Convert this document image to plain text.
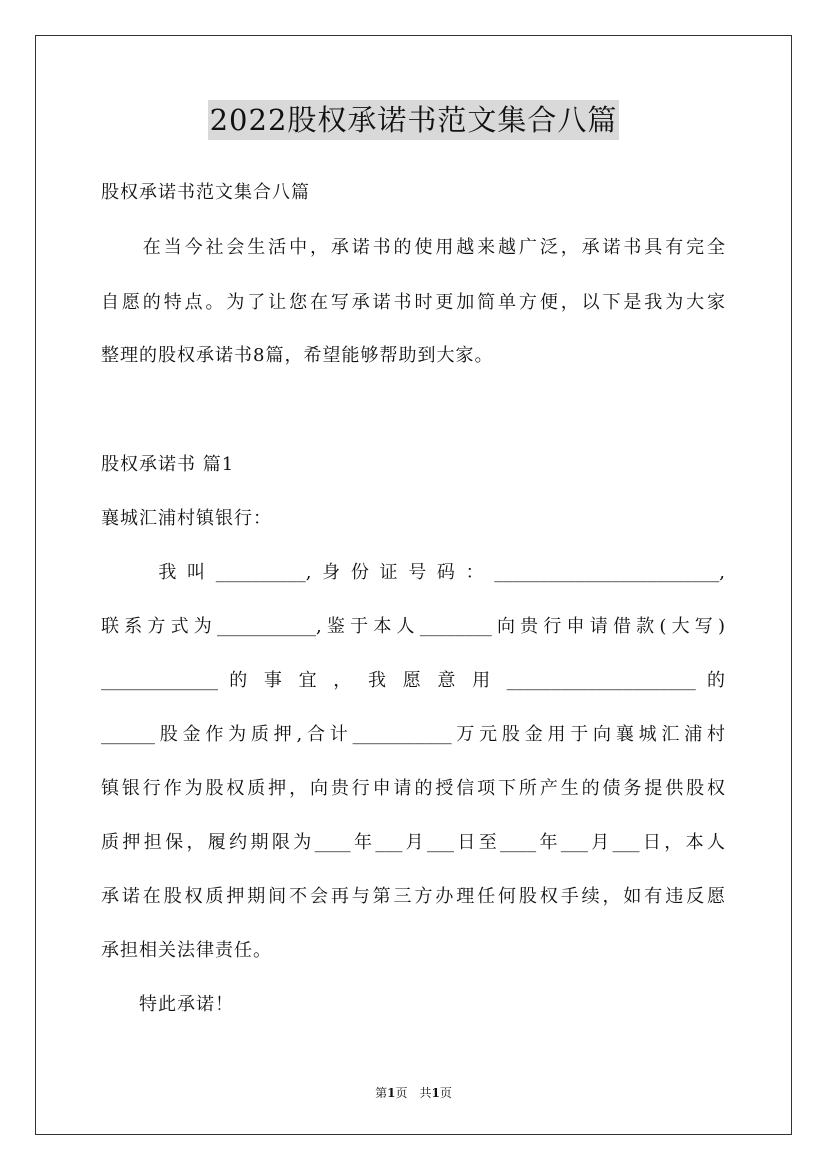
2022股权承诺书范文集合八篇
股权承诺书范文集合八篇
　　在当今社会生活中，承诺书的使用越来越广泛，承诺书具有完全
自愿的特点。为了让您在写承诺书时更加简单方便，以下是我为大家
整理的股权承诺书8篇，希望能够帮助到大家。
股权承诺书 篇1
襄城汇浦村镇银行：
　　我叫__________,身份证号码：_________________________,
联系方式为___________,鉴于本人________向贵行申请借款(大写)
_____________ 的 事 宜 ， 我 愿 意 用 _____________________ 的
______股金作为质押,合计___________万元股金用于向襄城汇浦村
镇银行作为股权质押，向贵行申请的授信项下所产生的债务提供股权
质押担保，履约期限为____年___月___日至____年___月___日，本人
承诺在股权质押期间不会再与第三方办理任何股权手续，如有违反愿
承担相关法律责任。
　　特此承诺！
第1页　共1页
